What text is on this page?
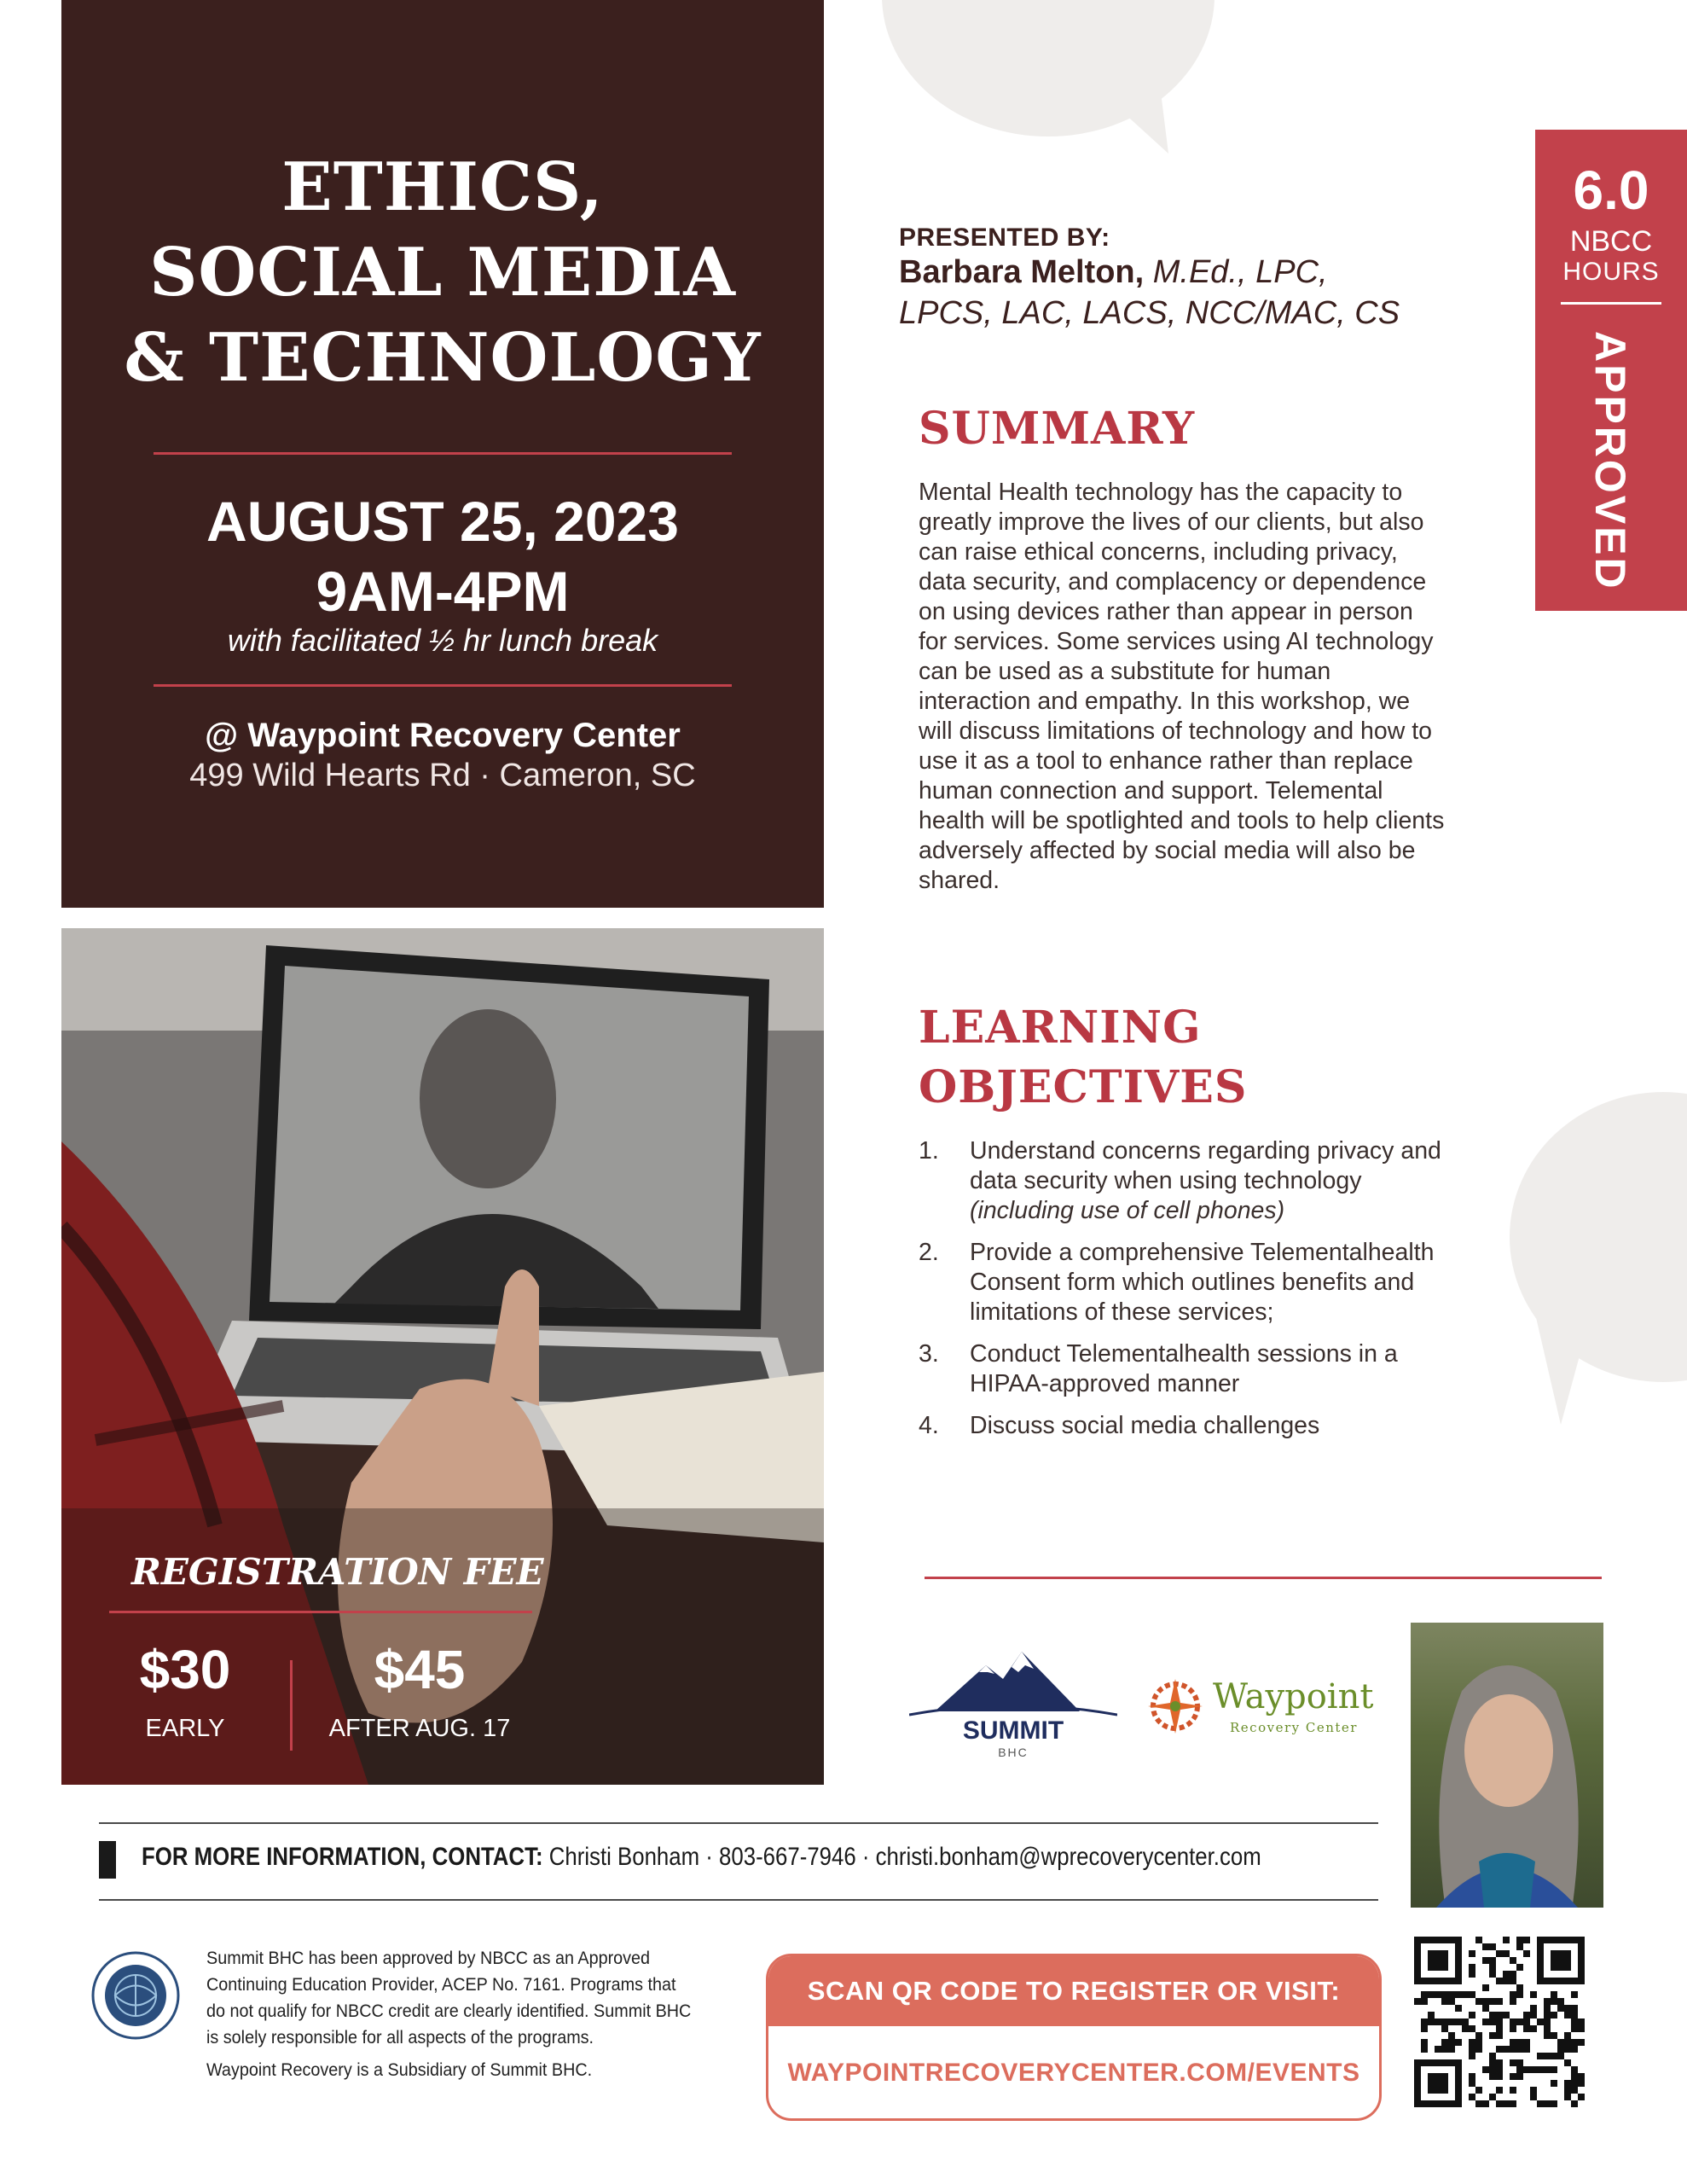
ETHICS,
SOCIAL MEDIA
& TECHNOLOGY
AUGUST 25, 2023
9AM-4PM
with facilitated ½ hr lunch break
@ Waypoint Recovery Center
499 Wild Hearts Rd · Cameron, SC
REGISTRATION FEE
$30
EARLY
$45
AFTER AUG. 17
PRESENTED BY:
Barbara Melton, M.Ed., LPC,
LPCS, LAC, LACS, NCC/MAC, CS
SUMMARY

Mental Health technology has the capacity to greatly improve the lives of our clients, but also can raise ethical concerns, including privacy, data security, and complacency or dependence on using devices rather than appear in person for services. Some services using AI technology can be used as a substitute for human interaction and empathy. In this workshop, we will discuss limitations of technology and how to use it as a tool to enhance rather than replace human connection and support. Telemental health will be spotlighted and tools to help clients adversely affected by social media will also be shared.

LEARNING
OBJECTIVES
1. Understand concerns regarding privacy and data security when using technology (including use of cell phones)
2. Provide a comprehensive Telementalhealth Consent form which outlines benefits and limitations of these services;
3. Conduct Telementalhealth sessions in a HIPAA-approved manner
4. Discuss social media challenges
6.0
NBCC
HOURS
APPROVED
SUMMIT
BHC
Waypoint
Recovery Center
FOR MORE INFORMATION, CONTACT: Christi Bonham · 803-667-7946 · christi.bonham@wprecoverycenter.com
Summit BHC has been approved by NBCC as an Approved Continuing Education Provider, ACEP No. 7161. Programs that do not qualify for NBCC credit are clearly identified. Summit BHC is solely responsible for all aspects of the programs.
Waypoint Recovery is a Subsidiary of Summit BHC.
SCAN QR CODE TO REGISTER OR VISIT:
WAYPOINTRECOVERYCENTER.COM/EVENTS
